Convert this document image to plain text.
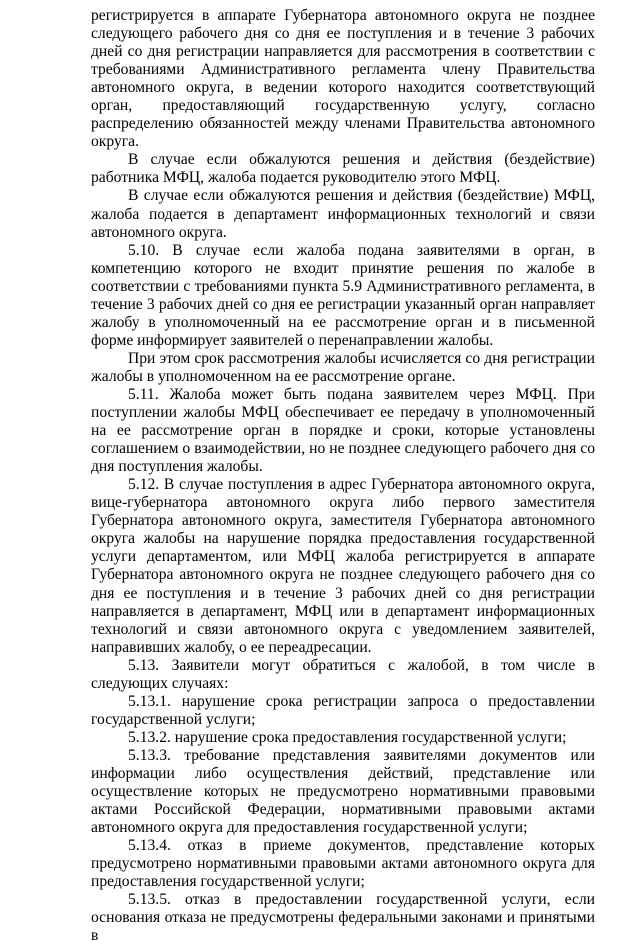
регистрируется в аппарате Губернатора автономного округа не позднее следующего рабочего дня со дня ее поступления и в течение 3 рабочих дней со дня регистрации направляется для рассмотрения в соответствии с требованиями Административного регламента члену Правительства автономного округа, в ведении которого находится соответствующий орган, предоставляющий государственную услугу, согласно распределению обязанностей между членами Правительства автономного округа.

В случае если обжалуются решения и действия (бездействие) работника МФЦ, жалоба подается руководителю этого МФЦ.

В случае если обжалуются решения и действия (бездействие) МФЦ, жалоба подается в департамент информационных технологий и связи автономного округа.

5.10. В случае если жалоба подана заявителями в орган, в компетенцию которого не входит принятие решения по жалобе в соответствии с требованиями пункта 5.9 Административного регламента, в течение 3 рабочих дней со дня ее регистрации указанный орган направляет жалобу в уполномоченный на ее рассмотрение орган и в письменной форме информирует заявителей о перенаправлении жалобы.

При этом срок рассмотрения жалобы исчисляется со дня регистрации жалобы в уполномоченном на ее рассмотрение органе.

5.11. Жалоба может быть подана заявителем через МФЦ. При поступлении жалобы МФЦ обеспечивает ее передачу в уполномоченный на ее рассмотрение орган в порядке и сроки, которые установлены соглашением о взаимодействии, но не позднее следующего рабочего дня со дня поступления жалобы.

5.12. В случае поступления в адрес Губернатора автономного округа, вице-губернатора автономного округа либо первого заместителя Губернатора автономного округа, заместителя Губернатора автономного округа жалобы на нарушение порядка предоставления государственной услуги департаментом, или МФЦ жалоба регистрируется в аппарате Губернатора автономного округа не позднее следующего рабочего дня со дня ее поступления и в течение 3 рабочих дней со дня регистрации направляется в департамент, МФЦ или в департамент информационных технологий и связи автономного округа с уведомлением заявителей, направивших жалобу, о ее переадресации.

5.13. Заявители могут обратиться с жалобой, в том числе в следующих случаях:

5.13.1. нарушение срока регистрации запроса о предоставлении государственной услуги;

5.13.2. нарушение срока предоставления государственной услуги;

5.13.3. требование представления заявителями документов или информации либо осуществления действий, представление или осуществление которых не предусмотрено нормативными правовыми актами Российской Федерации, нормативными правовыми актами автономного округа для предоставления государственной услуги;

5.13.4. отказ в приеме документов, представление которых предусмотрено нормативными правовыми актами автономного округа для предоставления государственной услуги;

5.13.5. отказ в предоставлении государственной услуги, если основания отказа не предусмотрены федеральными законами и принятыми в
